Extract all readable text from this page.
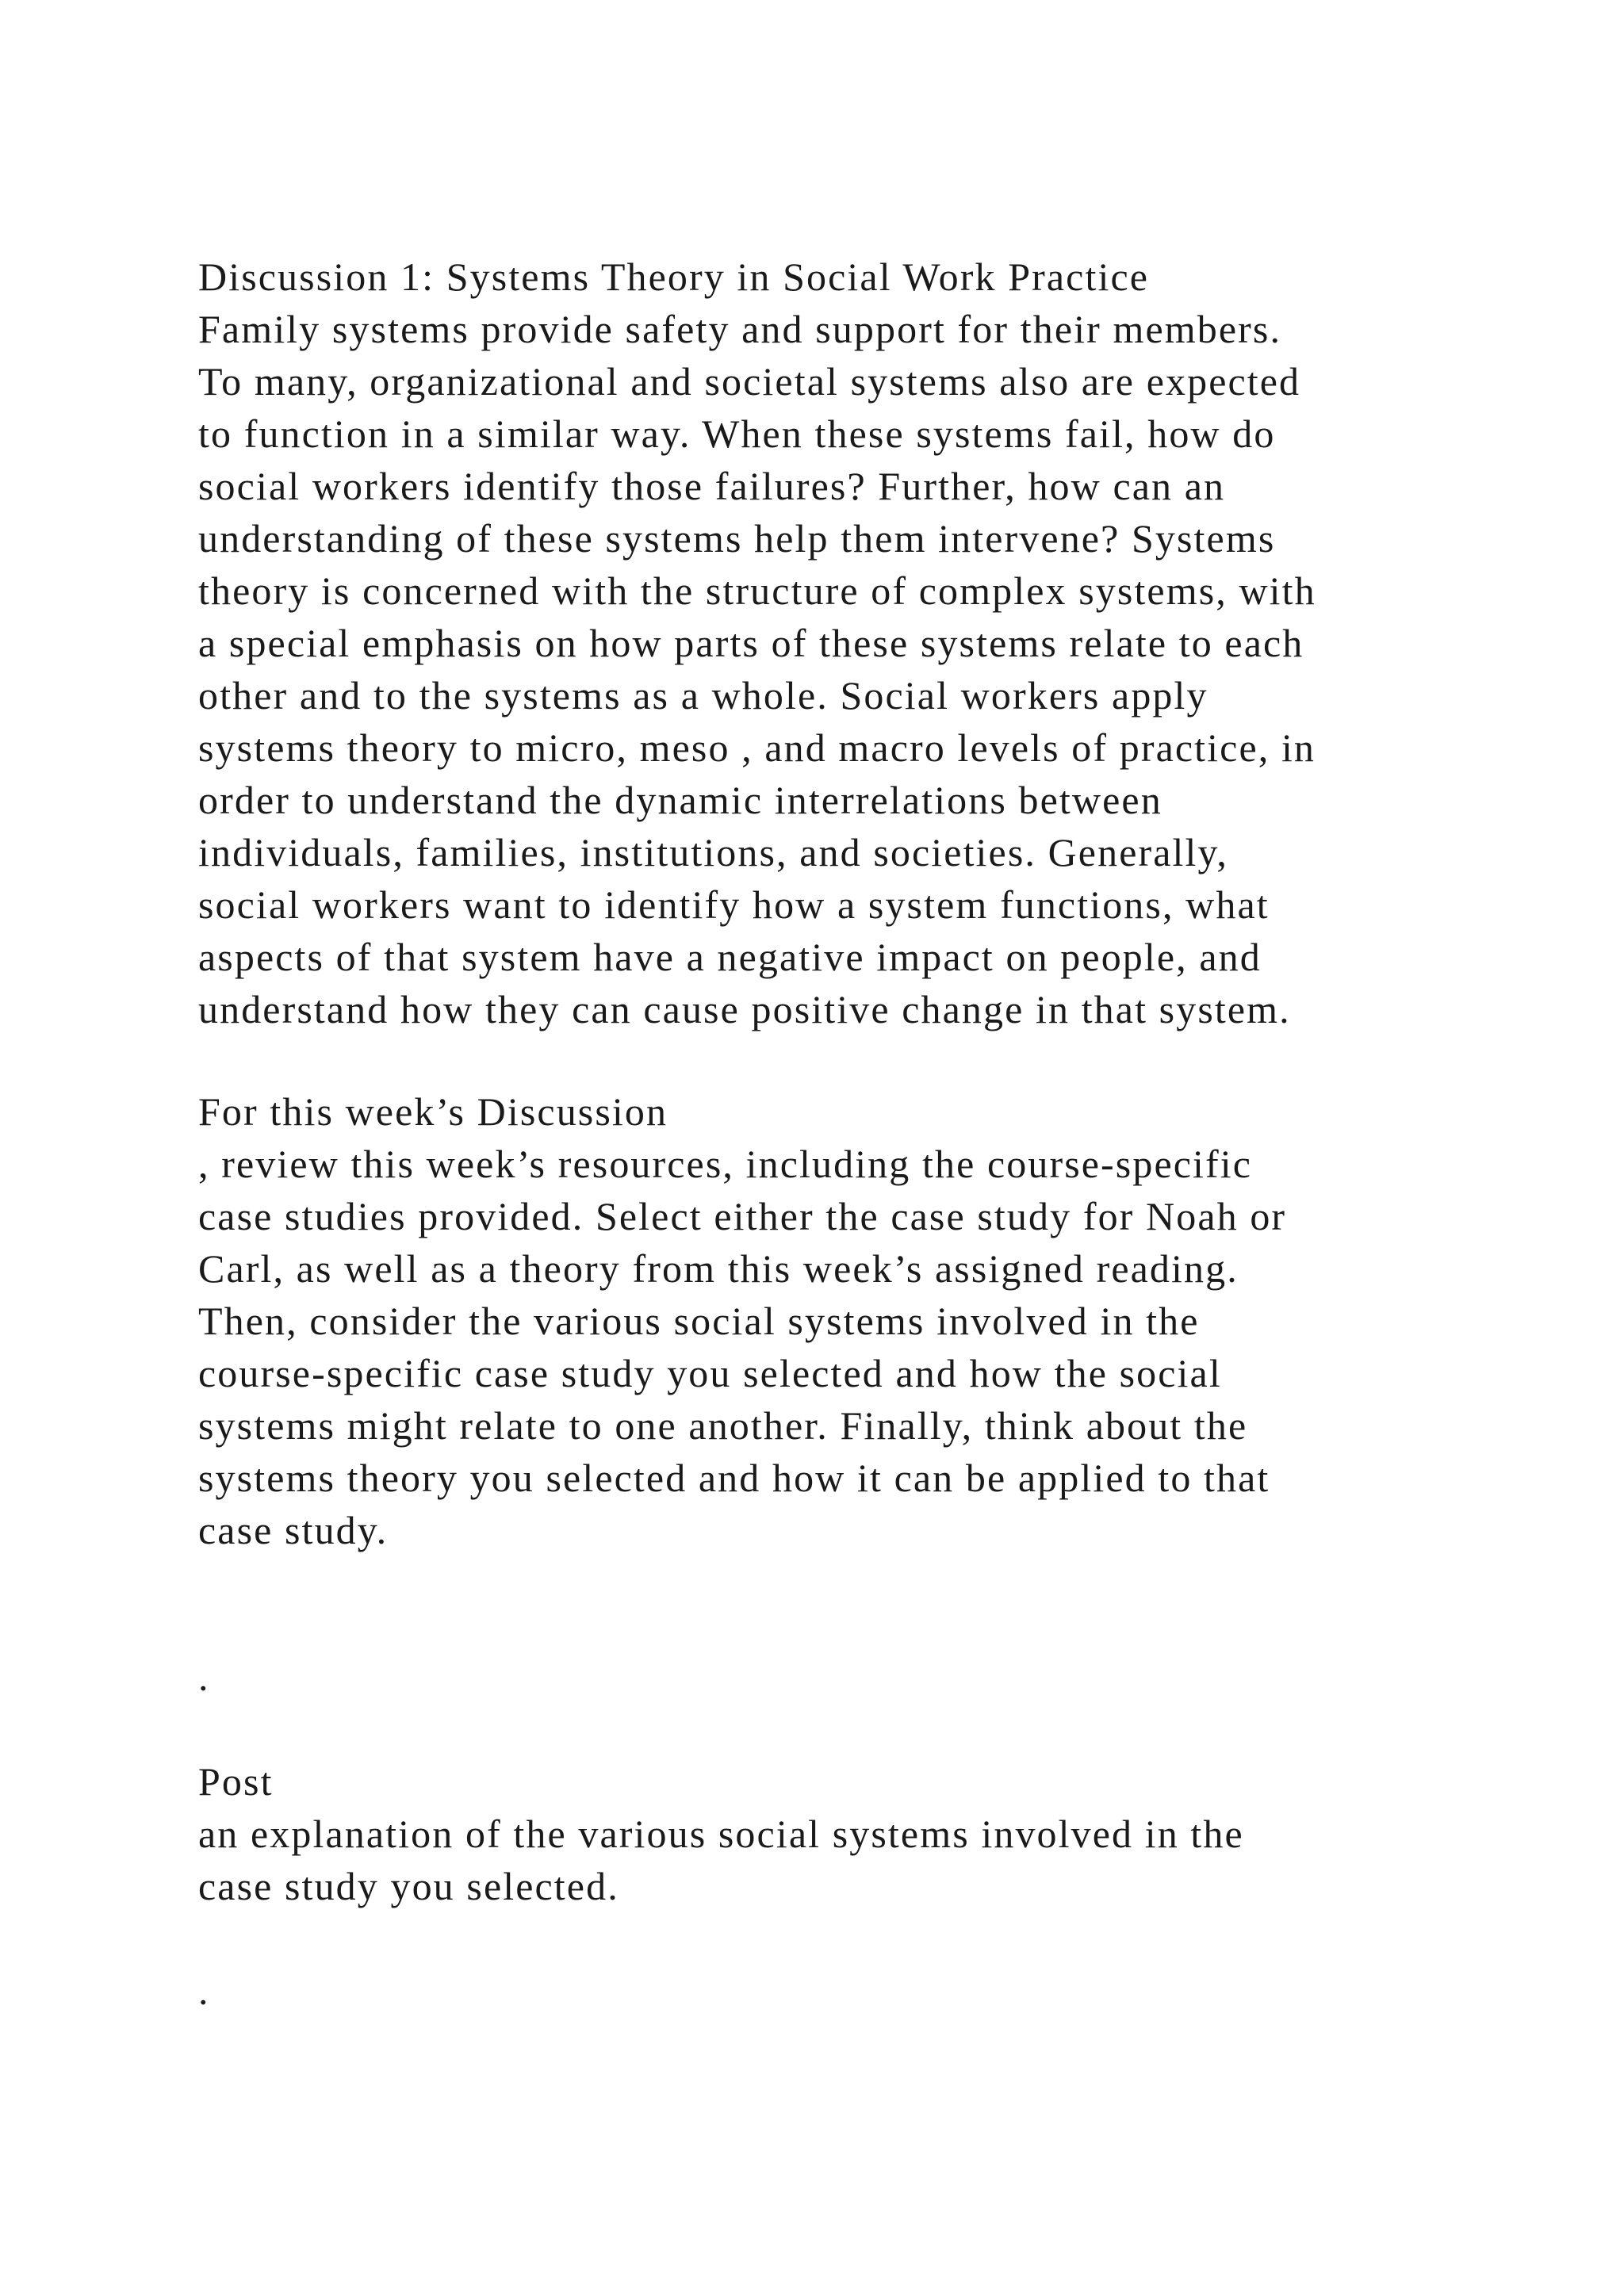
Discussion 1: Systems Theory in Social Work Practice
Family systems provide safety and support for their members.
To many, organizational and societal systems also are expected
to function in a similar way. When these systems fail, how do
social workers identify those failures? Further, how can an
understanding of these systems help them intervene? Systems
theory is concerned with the structure of complex systems, with
a special emphasis on how parts of these systems relate to each
other and to the systems as a whole. Social workers apply
systems theory to micro, meso , and macro levels of practice, in
order to understand the dynamic interrelations between
individuals, families, institutions, and societies. Generally,
social workers want to identify how a system functions, what
aspects of that system have a negative impact on people, and
understand how they can cause positive change in that system.
For this week’s Discussion
, review this week’s resources, including the course-specific
case studies provided. Select either the case study for Noah or
Carl, as well as a theory from this week’s assigned reading.
Then, consider the various social systems involved in the
course-specific case study you selected and how the social
systems might relate to one another. Finally, think about the
systems theory you selected and how it can be applied to that
case study.
.
Post
an explanation of the various social systems involved in the
case study you selected.
.
